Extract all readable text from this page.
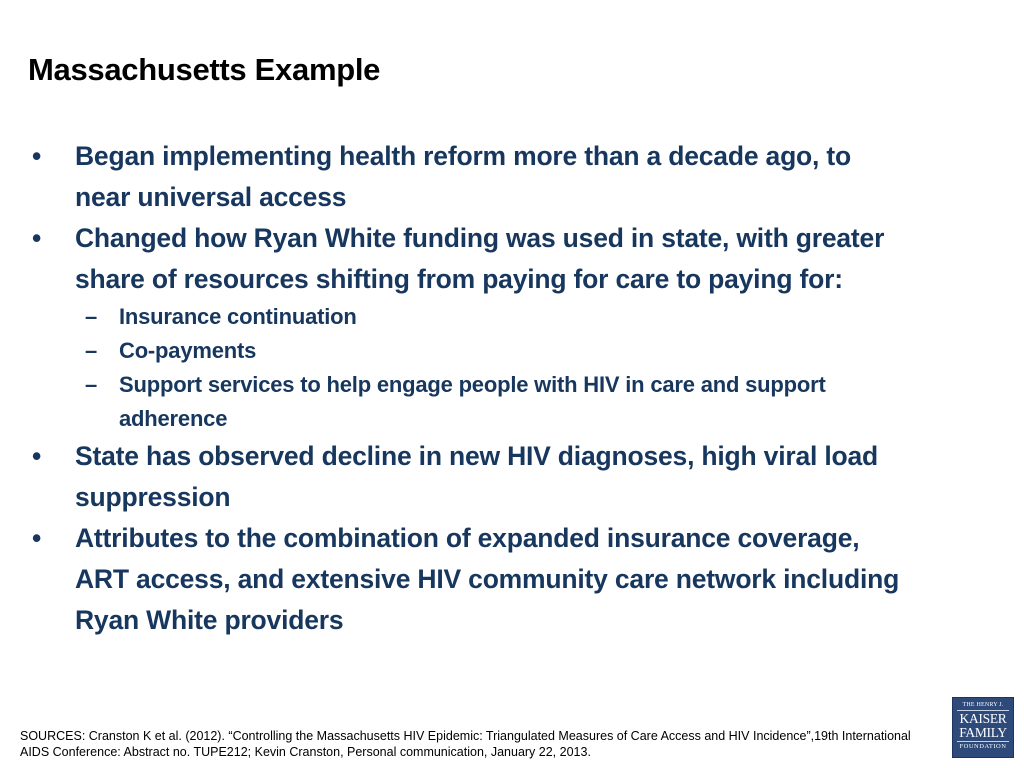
Massachusetts Example
• Began implementing health reform more than a decade ago, to near universal access
• Changed how Ryan White funding was used in state, with greater share of resources shifting from paying for care to paying for:
– Insurance continuation
– Co-payments
– Support services to help engage people with HIV in care and support adherence
• State has observed decline in new HIV diagnoses, high viral load suppression
• Attributes to the combination of expanded insurance coverage, ART access, and extensive HIV community care network including Ryan White providers

SOURCES: Cranston K et al. (2012). “Controlling the Massachusetts HIV Epidemic: Triangulated Measures of Care Access and HIV Incidence”,19th International AIDS Conference: Abstract no. TUPE212; Kevin Cranston, Personal communication, January 22, 2013.

THE HENRY J.
KAISER
FAMILY
FOUNDATION
